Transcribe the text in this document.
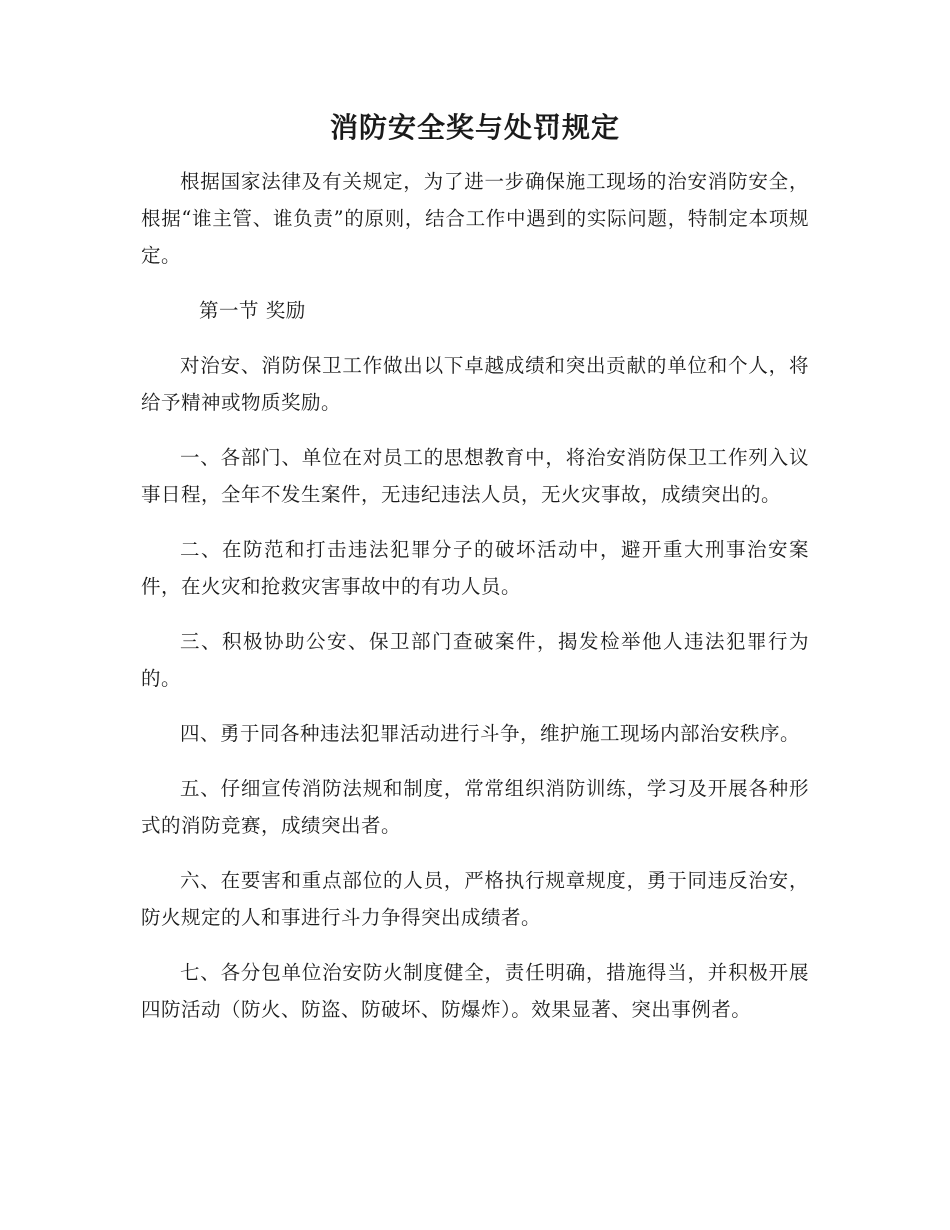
消防安全奖与处罚规定

根据国家法律及有关规定，为了进一步确保施工现场的治安消防安全，根据“谁主管、谁负责”的原则，结合工作中遇到的实际问题，特制定本项规定。

第一节 奖励

对治安、消防保卫工作做出以下卓越成绩和突出贡献的单位和个人，将给予精神或物质奖励。

一、各部门、单位在对员工的思想教育中，将治安消防保卫工作列入议事日程，全年不发生案件，无违纪违法人员，无火灾事故，成绩突出的。

二、在防范和打击违法犯罪分子的破坏活动中，避开重大刑事治安案件，在火灾和抢救灾害事故中的有功人员。

三、积极协助公安、保卫部门查破案件，揭发检举他人违法犯罪行为的。

四、勇于同各种违法犯罪活动进行斗争，维护施工现场内部治安秩序。

五、仔细宣传消防法规和制度，常常组织消防训练，学习及开展各种形式的消防竞赛，成绩突出者。

六、在要害和重点部位的人员，严格执行规章规度，勇于同违反治安，防火规定的人和事进行斗力争得突出成绩者。

七、各分包单位治安防火制度健全，责任明确，措施得当，并积极开展四防活动（防火、防盗、防破坏、防爆炸）。效果显著、突出事例者。
